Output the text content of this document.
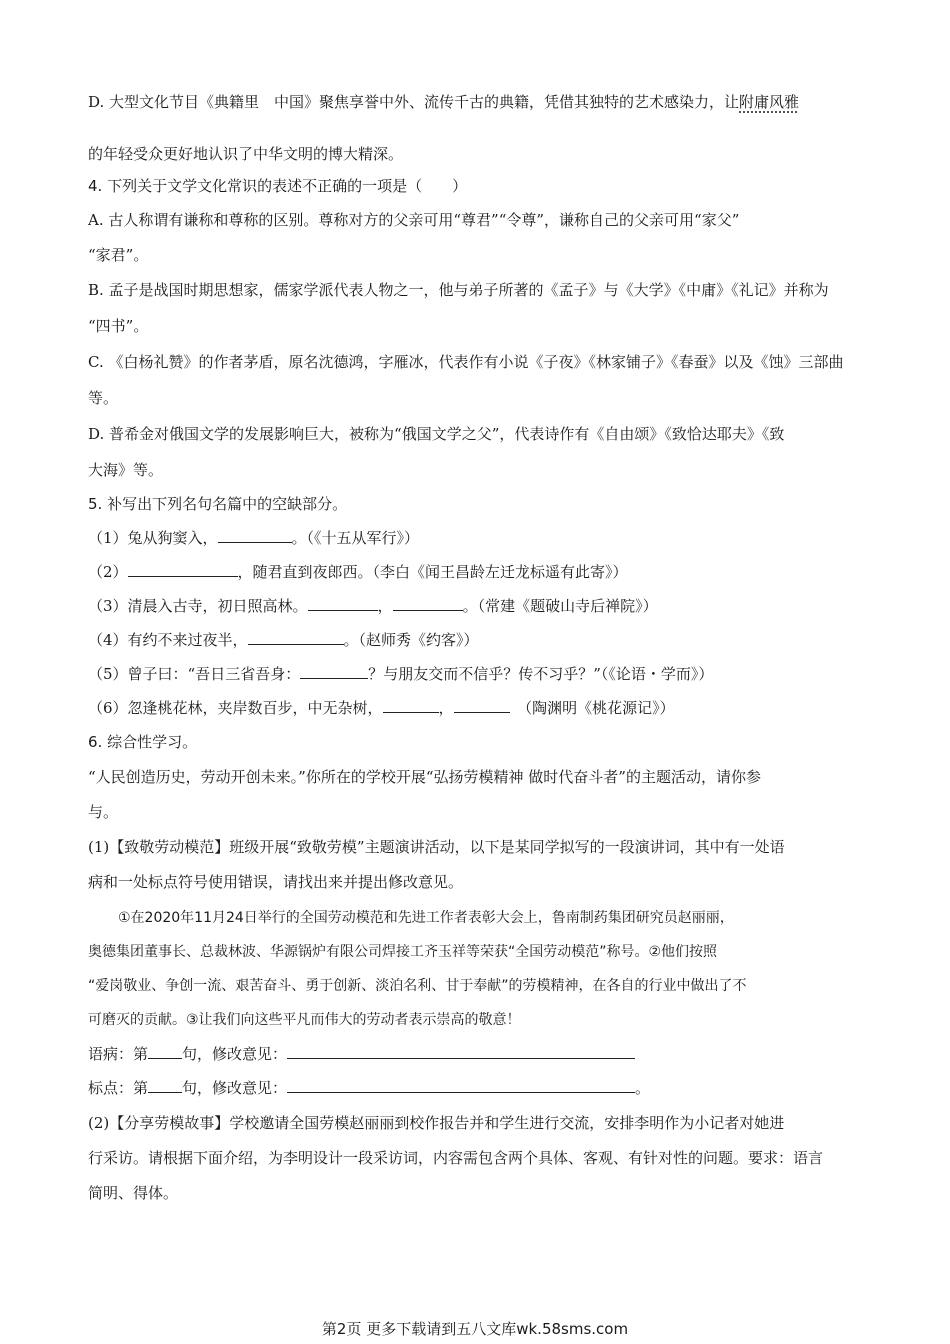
D. 大型文化节目《典籍里　中国》聚焦享誉中外、流传千古的典籍，凭借其独特的艺术感染力，让附庸风雅
的年轻受众更好地认识了中华文明的博大精深。
4. 下列关于文学文化常识的表述不正确的一项是（　　）
A. 古人称谓有谦称和尊称的区别。尊称对方的父亲可用“尊君”“令尊”，谦称自己的父亲可用“家父”
“家君”。
B. 孟子是战国时期思想家，儒家学派代表人物之一，他与弟子所著的《孟子》与《大学》《中庸》《礼记》并称为
“四书”。
C. 《白杨礼赞》的作者茅盾，原名沈德鸿，字雁冰，代表作有小说《子夜》《林家铺子》《春蚕》以及《蚀》三部曲
等。
D. 普希金对俄国文学的发展影响巨大，被称为“俄国文学之父”，代表诗作有《自由颂》《致恰达耶夫》《致
大海》等。
5. 补写出下列名句名篇中的空缺部分。
（1）兔从狗窦入，	。（《十五从军行》）
（2）	，随君直到夜郎西。（李白《闻王昌龄左迁龙标遥有此寄》）
（3）清晨入古寺，初日照高林。	，	。（常建《题破山寺后禅院》）
（4）有约不来过夜半，	。（赵师秀《约客》）
（5）曾子曰：“吾日三省吾身：	？与朋友交而不信乎？传不习乎？”（《论语・学而》）
（6）忽逢桃花林，夹岸数百步，中无杂树，	，　	（陶渊明《桃花源记》）
6. 综合性学习。
“人民创造历史，劳动开创未来。”你所在的学校开展“弘扬劳模精神 做时代奋斗者”的主题活动，请你参
与。
(1)【致敬劳动模范】班级开展“致敬劳模”主题演讲活动，以下是某同学拟写的一段演讲词，其中有一处语
病和一处标点符号使用错误，请找出来并提出修改意见。
①在2020年11月24日举行的全国劳动模范和先进工作者表彰大会上，鲁南制药集团研究员赵丽丽，
奥德集团董事长、总裁林波、华源锅炉有限公司焊接工齐玉祥等荣获“全国劳动模范”称号。②他们按照
“爱岗敬业、争创一流、艰苦奋斗、勇于创新、淡泊名利、甘于奉献”的劳模精神，在各自的行业中做出了不
可磨灭的贡献。③让我们向这些平凡而伟大的劳动者表示崇高的敬意！
语病：第 句，修改意见：
标点：第 句，修改意见：	。
(2)【分享劳模故事】学校邀请全国劳模赵丽丽到校作报告并和学生进行交流，安排李明作为小记者对她进
行采访。请根据下面介绍，为李明设计一段采访词，内容需包含两个具体、客观、有针对性的问题。要求：语言
简明、得体。
第2页 更多下载请到五八文库wk.58sms.com
